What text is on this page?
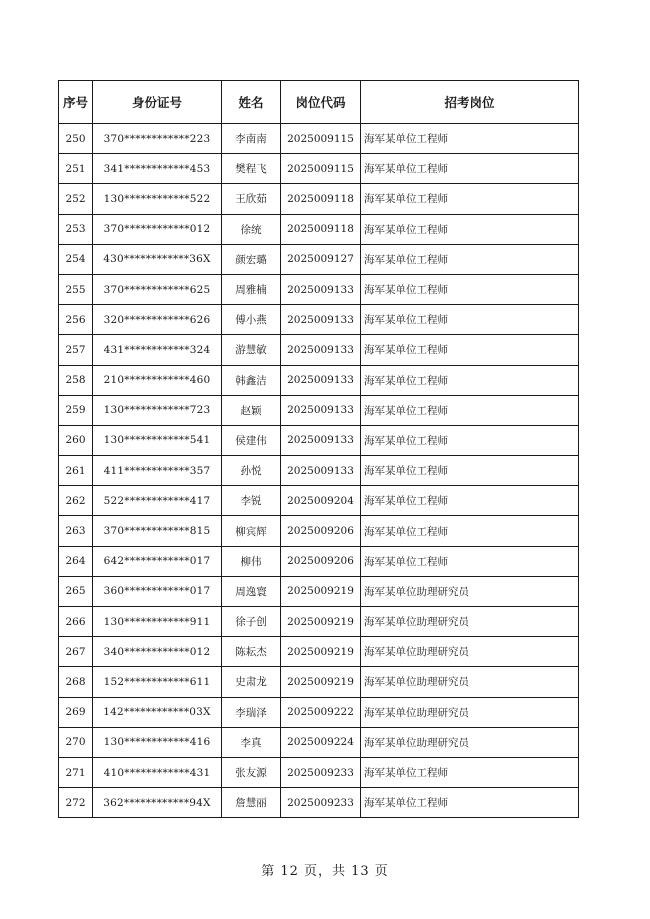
序号	身份证号	姓名	岗位代码	招考岗位
250	370************223	李南南	2025009115	海军某单位工程师
251	341************453	樊程飞	2025009115	海军某单位工程师
252	130************522	王欣茹	2025009118	海军某单位工程师
253	370************012	徐统	2025009118	海军某单位工程师
254	430************36X	颜宏璐	2025009127	海军某单位工程师
255	370************625	周雅楠	2025009133	海军某单位工程师
256	320************626	傅小燕	2025009133	海军某单位工程师
257	431************324	游慧敏	2025009133	海军某单位工程师
258	210************460	韩鑫洁	2025009133	海军某单位工程师
259	130************723	赵颖	2025009133	海军某单位工程师
260	130************541	侯建伟	2025009133	海军某单位工程师
261	411************357	孙悦	2025009133	海军某单位工程师
262	522************417	李锐	2025009204	海军某单位工程师
263	370************815	柳宾辉	2025009206	海军某单位工程师
264	642************017	柳伟	2025009206	海军某单位工程师
265	360************017	周逸寰	2025009219	海军某单位助理研究员
266	130************911	徐子创	2025009219	海军某单位助理研究员
267	340************012	陈耘杰	2025009219	海军某单位助理研究员
268	152************611	史肃龙	2025009219	海军某单位助理研究员
269	142************03X	李瑞泽	2025009222	海军某单位助理研究员
270	130************416	李真	2025009224	海军某单位助理研究员
271	410************431	张友源	2025009233	海军某单位工程师
272	362************94X	詹慧丽	2025009233	海军某单位工程师
第 12 页，共 13 页
